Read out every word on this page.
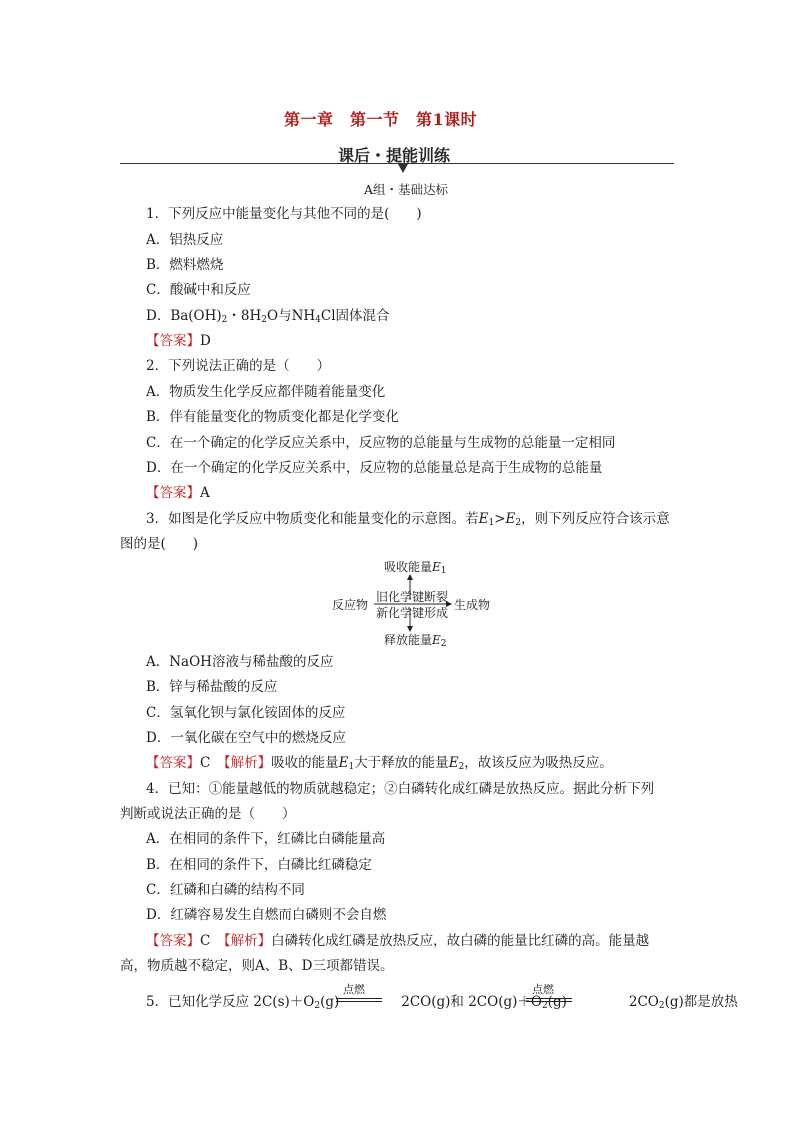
第一章　第一节　第1课时
课后・提能训练
A组・基础达标
1．下列反应中能量变化与其他不同的是(　　)
A．铝热反应
B．燃料燃烧
C．酸碱中和反应
D．$Ba(OH)_2$・$8H_2O$与$NH_4Cl$固体混合
【答案】D
2．下列说法正确的是（　　）
A．物质发生化学反应都伴随着能量变化
B．伴有能量变化的物质变化都是化学变化
C．在一个确定的化学反应关系中，反应物的总能量与生成物的总能量一定相同
D．在一个确定的化学反应关系中，反应物的总能量总是高于生成物的总能量
【答案】A
3．如图是化学反应中物质变化和能量变化的示意图。若$E_1>E_2$，则下列反应符合该示意
图的是(　　)
吸收能量$E_1$
反应物
旧化学键断裂
新化学键形成
生成物
释放能量$E_2$
A．NaOH溶液与稀盐酸的反应
B．锌与稀盐酸的反应
C．氢氧化钡与氯化铵固体的反应
D．一氧化碳在空气中的燃烧反应
【答案】C　 【解析】吸收的能量$E_1$大于释放的能量$E_2$，故该反应为吸热反应。
4．已知：①能量越低的物质就越稳定；②白磷转化成红磷是放热反应。据此分析下列
判断或说法正确的是（　　）
A．在相同的条件下，红磷比白磷能量高
B．在相同的条件下，白磷比红磷稳定
C．红磷和白磷的结构不同
D．红磷容易发生自燃而白磷则不会自燃
【答案】C　 【解析】白磷转化成红磷是放热反应，故白磷的能量比红磷的高。能量越
高，物质越不稳定，则A、B、D三项都错误。
5．已知化学反应 $2C(s)+O_2(g)$	2CO(g)和 $2CO(g)+O_2(g)$	$2CO_2(g)$都是放热
点燃	点燃
